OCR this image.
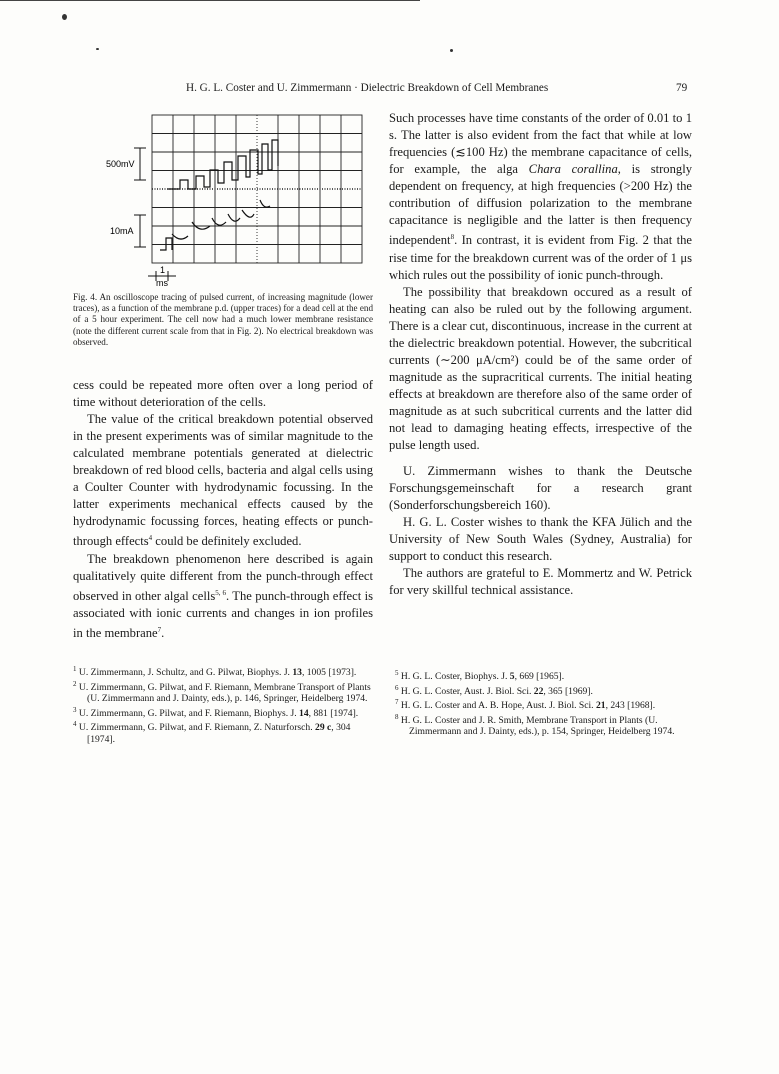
H. G. L. Coster and U. Zimmermann · Dielectric Breakdown of Cell Membranes	79
500mV
10mA
1
ms
Fig. 4. An oscilloscope tracing of pulsed current, of increasing magnitude (lower traces), as a function of the membrane p.d. (upper traces) for a dead cell at the end of a 5 hour experiment. The cell now had a much lower membrane resistance (note the different current scale from that in Fig. 2). No electrical breakdown was observed.

cess could be repeated more often over a long period of time without deterioration of the cells.

The value of the critical breakdown potential observed in the present experiments was of similar magnitude to the calculated membrane potentials generated at dielectric breakdown of red blood cells, bacteria and algal cells using a Coulter Counter with hydrodynamic focussing. In the latter experiments mechanical effects caused by the hydrodynamic focussing forces, heating effects or punch-through effects$^4$ could be definitely excluded.

The breakdown phenomenon here described is again qualitatively quite different from the punch-through effect observed in other algal cells$^{5, 6}$. The punch-through effect is associated with ionic currents and changes in ion profiles in the membrane$^7$.

Such processes have time constants of the order of 0.01 to 1 s. The latter is also evident from the fact that while at low frequencies (≲100 Hz) the membrane capacitance of cells, for example, the alga Chara corallina, is strongly dependent on frequency, at high frequencies (>200 Hz) the contribution of diffusion polarization to the membrane capacitance is negligible and the latter is then frequency independent$^8$. In contrast, it is evident from Fig. 2 that the rise time for the breakdown current was of the order of 1 μs which rules out the possibility of ionic punch-through.

The possibility that breakdown occured as a result of heating can also be ruled out by the following argument. There is a clear cut, discontinuous, increase in the current at the dielectric breakdown potential. However, the subcritical currents (∼200 μA/cm²) could be of the same order of magnitude as the supracritical currents. The initial heating effects at breakdown are therefore also of the same order of magnitude as at such subcritical currents and the latter did not lead to damaging heating effects, irrespective of the pulse length used.

U. Zimmermann wishes to thank the Deutsche Forschungsgemeinschaft for a research grant (Sonderforschungsbereich 160).

H. G. L. Coster wishes to thank the KFA Jülich and the University of New South Wales (Sydney, Australia) for support to conduct this research.

The authors are grateful to E. Mommertz and W. Petrick for very skillful technical assistance.

$^1$ U. Zimmermann, J. Schultz, and G. Pilwat, Biophys. J. 13, 1005 [1973].

$^2$ U. Zimmermann, G. Pilwat, and F. Riemann, Membrane Transport of Plants (U. Zimmermann and J. Dainty, eds.), p. 146, Springer, Heidelberg 1974.

$^3$ U. Zimmermann, G. Pilwat, and F. Riemann, Biophys. J. 14, 881 [1974].

$^4$ U. Zimmermann, G. Pilwat, and F. Riemann, Z. Naturforsch. 29 c, 304 [1974].

$^5$ H. G. L. Coster, Biophys. J. 5, 669 [1965].

$^6$ H. G. L. Coster, Aust. J. Biol. Sci. 22, 365 [1969].

$^7$ H. G. L. Coster and A. B. Hope, Aust. J. Biol. Sci. 21, 243 [1968].

$^8$ H. G. L. Coster and J. R. Smith, Membrane Transport in Plants (U. Zimmermann and J. Dainty, eds.), p. 154, Springer, Heidelberg 1974.
